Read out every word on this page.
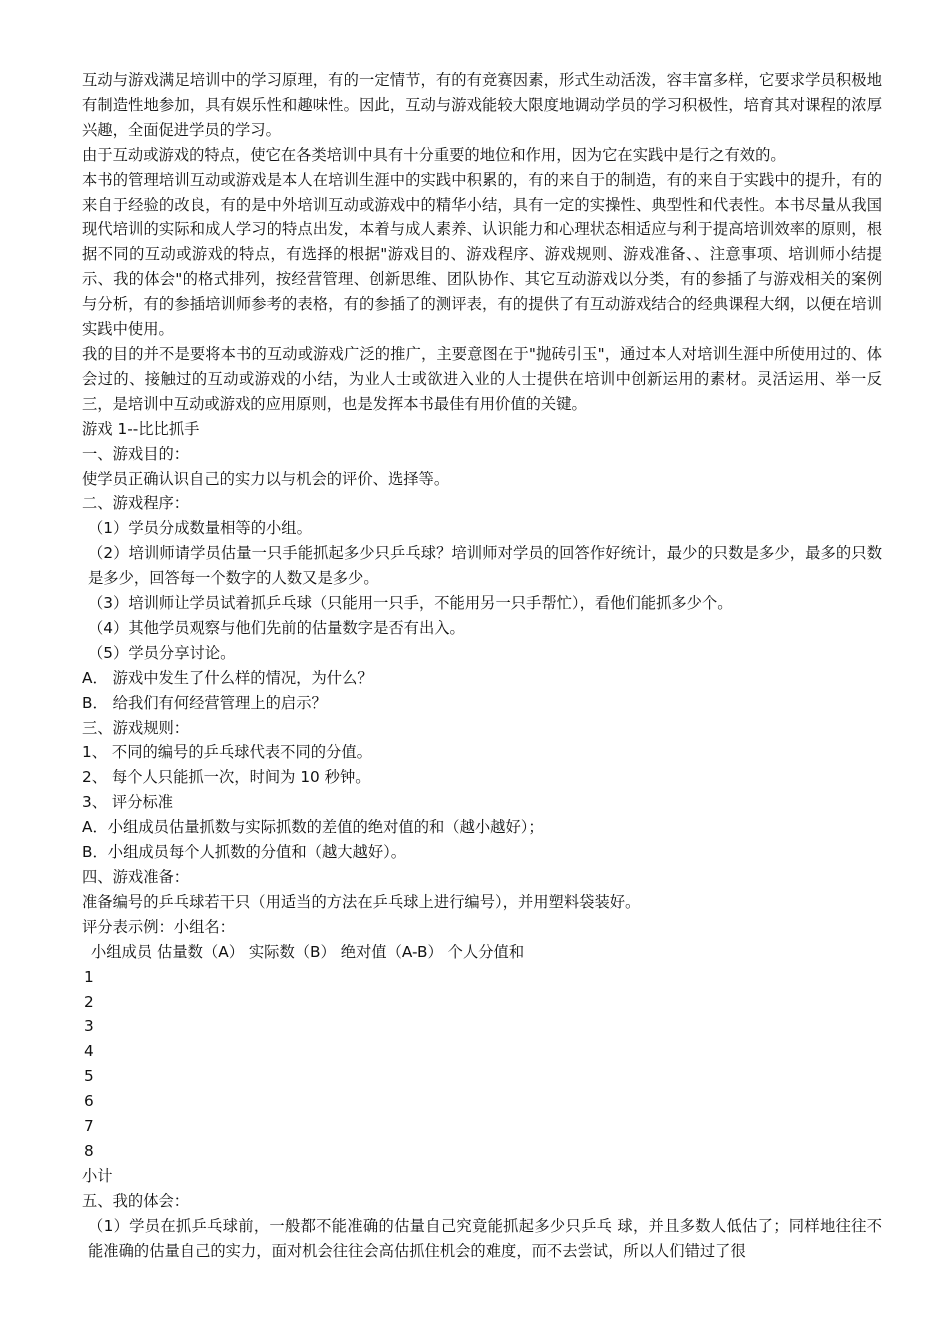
互动与游戏满足培训中的学习原理，有的一定情节，有的有竞赛因素，形式生动活泼，容丰富多样，它要求学员积极地有制造性地参加，具有娱乐性和趣味性。因此，互动与游戏能较大限度地调动学员的学习积极性，培育其对课程的浓厚兴趣，全面促进学员的学习。

由于互动或游戏的特点，使它在各类培训中具有十分重要的地位和作用，因为它在实践中是行之有效的。

本书的管理培训互动或游戏是本人在培训生涯中的实践中积累的，有的来自于的制造，有的来自于实践中的提升，有的来自于经验的改良，有的是中外培训互动或游戏中的精华小结，具有一定的实操性、典型性和代表性。本书尽量从我国现代培训的实际和成人学习的特点出发，本着与成人素养、认识能力和心理状态相适应与利于提高培训效率的原则，根据不同的互动或游戏的特点，有选择的根据"游戏目的、游戏程序、游戏规则、游戏准备、、注意事项、培训师小结提示、我的体会"的格式排列，按经营管理、创新思维、团队协作、其它互动游戏以分类，有的参插了与游戏相关的案例与分析，有的参插培训师参考的表格，有的参插了的测评表，有的提供了有互动游戏结合的经典课程大纲，以便在培训实践中使用。

我的目的并不是要将本书的互动或游戏广泛的推广，主要意图在于"抛砖引玉"，通过本人对培训生涯中所使用过的、体会过的、接触过的互动或游戏的小结，为业人士或欲进入业的人士提供在培训中创新运用的素材。灵活运用、举一反三，是培训中互动或游戏的应用原则，也是发挥本书最佳有用价值的关键。

游戏 1--比比抓手

一、游戏目的：

使学员正确认识自己的实力以与机会的评价、选择等。

二、游戏程序：

（1）学员分成数量相等的小组。

（2）培训师请学员估量一只手能抓起多少只乒乓球？培训师对学员的回答作好统计，最少的只数是多少，最多的只数是多少，回答每一个数字的人数又是多少。

（3）培训师让学员试着抓乒乓球（只能用一只手，不能用另一只手帮忙），看他们能抓多少个。

（4）其他学员观察与他们先前的估量数字是否有出入。

（5）学员分享讨论。

A． 游戏中发生了什么样的情况，为什么？

B． 给我们有何经营管理上的启示？

三、游戏规则：

1、 不同的编号的乒乓球代表不同的分值。

2、 每个人只能抓一次，时间为 10 秒钟。

3、 评分标准

A．小组成员估量抓数与实际抓数的差值的绝对值的和（越小越好）；

B．小组成员每个人抓数的分值和（越大越好）。

四、游戏准备：

准备编号的乒乓球若干只（用适当的方法在乒乓球上进行编号），并用塑料袋装好。

评分表示例：小组名：

小组成员 估量数（A） 实际数（B） 绝对值（A-B） 个人分值和

1

2

3

4

5

6

7

8

小计

五、我的体会：

（1）学员在抓乒乓球前，一般都不能准确的估量自己究竟能抓起多少只乒乓 球，并且多数人低估了；同样地往往不能准确的估量自己的实力，面对机会往往会高估抓住机会的难度，而不去尝试，所以人们错过了很
